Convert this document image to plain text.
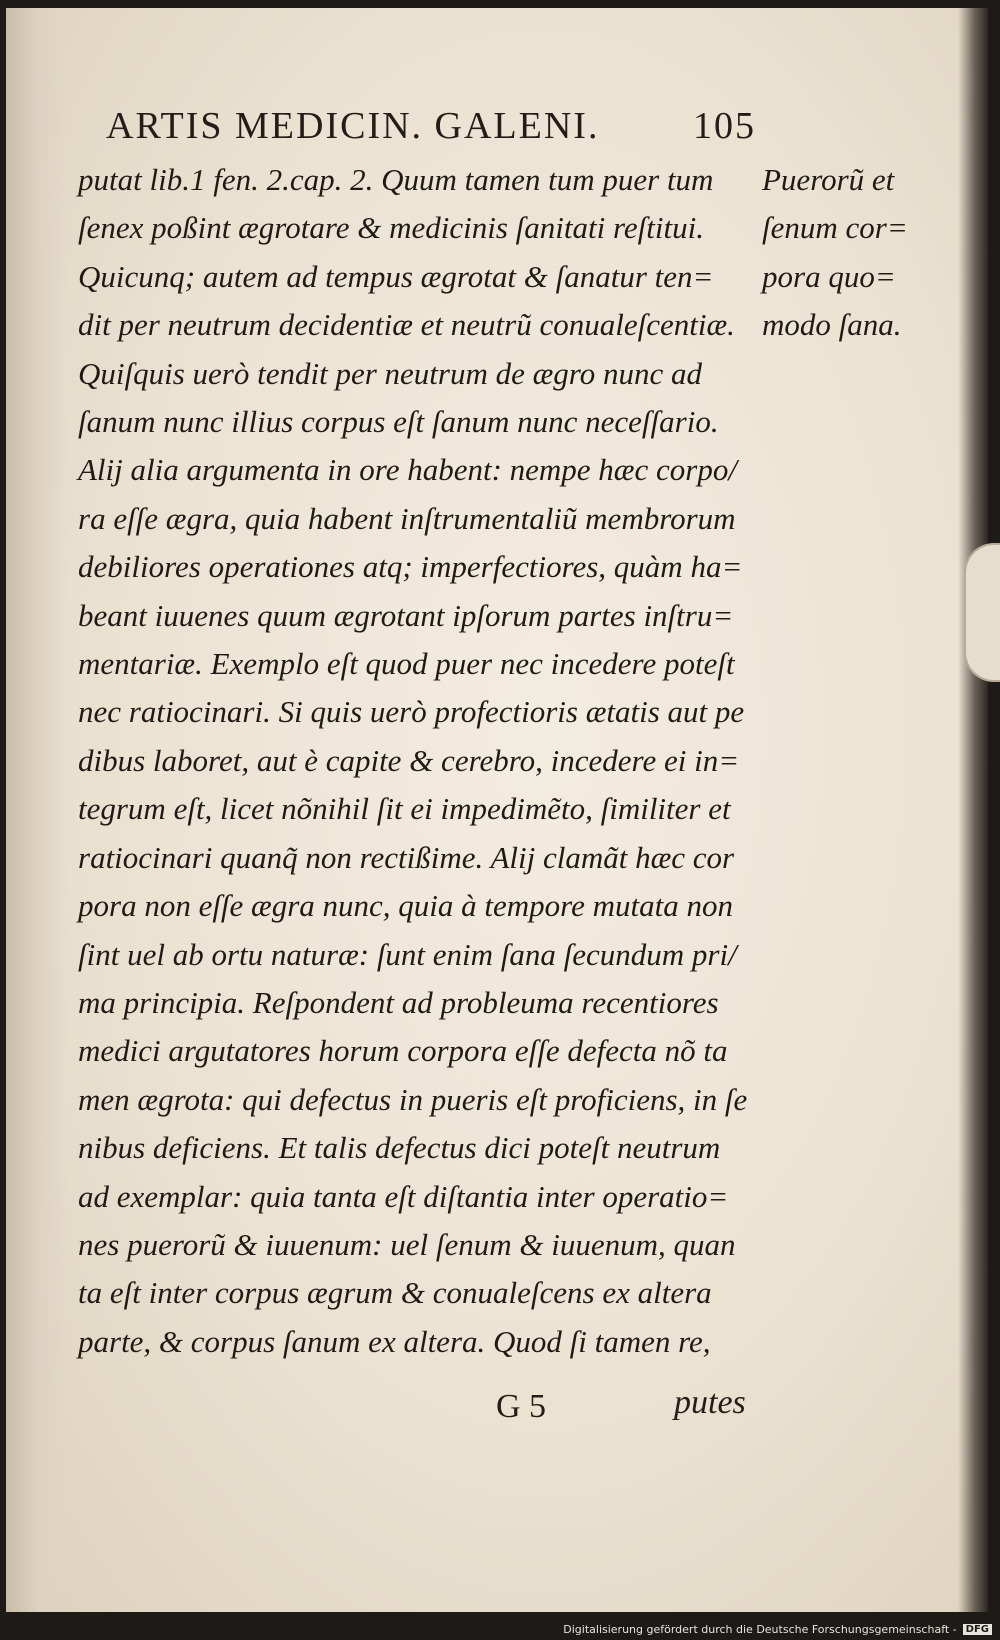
ARTIS MEDICIN. GALENI. 105
putat lib.1 fen. 2.cap. 2. Quum tamen tum puer tum
ſenex poßint ægrotare & medicinis ſanitati reſtitui.
Quicunq; autem ad tempus ægrotat & ſanatur ten=
dit per neutrum decidentiæ et neutrũ conualeſcentiæ.
Quiſquis uerò tendit per neutrum de ægro nunc ad
ſanum nunc illius corpus eſt ſanum nunc neceſſario.
Alij alia argumenta in ore habent: nempe hæc corpo/
ra eſſe ægra, quia habent inſtrumentaliũ membrorum
debiliores operationes atq; imperfectiores, quàm ha=
beant iuuenes quum ægrotant ipſorum partes inſtru=
mentariæ. Exemplo eſt quod puer nec incedere poteſt
nec ratiocinari. Si quis uerò profectioris ætatis aut pe
dibus laboret, aut è capite & cerebro, incedere ei in=
tegrum eſt, licet nõnihil ſit ei impedimẽto, ſimiliter et
ratiocinari quanq̃ non rectißime. Alij clamãt hæc cor
pora non eſſe ægra nunc, quia à tempore mutata non
ſint uel ab ortu naturæ: ſunt enim ſana ſecundum pri/
ma principia. Reſpondent ad probleuma recentiores
medici argutatores horum corpora eſſe defecta nõ ta
men ægrota: qui defectus in pueris eſt proficiens, in ſe
nibus deficiens. Et talis defectus dici poteſt neutrum
ad exemplar: quia tanta eſt diſtantia inter operatio=
nes puerorũ & iuuenum: uel ſenum & iuuenum, quan
ta eſt inter corpus ægrum & conualeſcens ex altera
parte, & corpus ſanum ex altera. Quod ſi tamen re,
Puerorũ et
ſenum cor=
pora quo=
modo ſana.
G 5	putes
Digitalisierung gefördert durch die Deutsche Forschungsgemeinschaft - DFG
